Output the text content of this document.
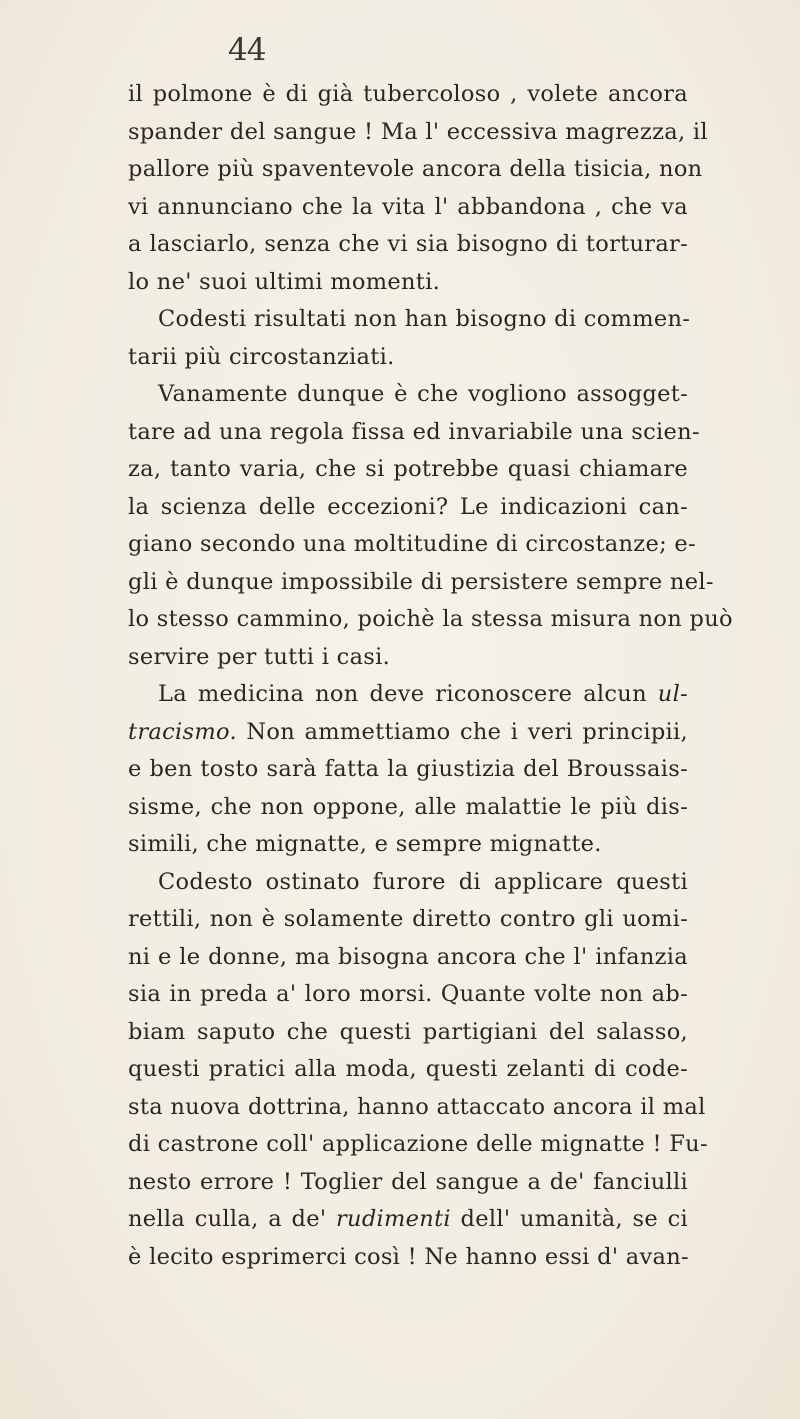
44
il polmone è di già tubercoloso , volete ancora
spander del sangue ! Ma l' eccessiva magrezza, il
pallore più spaventevole ancora della tisicia, non
vi annunciano che la vita l' abbandona , che va
a lasciarlo, senza che vi sia bisogno di torturar-
lo ne' suoi ultimi momenti.
Codesti risultati non han bisogno di commen-
tarii più circostanziati.
Vanamente dunque è che vogliono assogget-
tare ad una regola fissa ed invariabile una scien-
za, tanto varia, che si potrebbe quasi chiamare
la scienza delle eccezioni? Le indicazioni can-
giano secondo una moltitudine di circostanze; e-
gli è dunque impossibile di persistere sempre nel-
lo stesso cammino, poichè la stessa misura non può
servire per tutti i casi.
La medicina non deve riconoscere alcun ul-
tracismo. Non ammettiamo che i veri principii,
e ben tosto sarà fatta la giustizia del Broussais-
sisme, che non oppone, alle malattie le più dis-
simili, che mignatte, e sempre mignatte.
Codesto ostinato furore di applicare questi
rettili, non è solamente diretto contro gli uomi-
ni e le donne, ma bisogna ancora che l' infanzia
sia in preda a' loro morsi. Quante volte non ab-
biam saputo che questi partigiani del salasso,
questi pratici alla moda, questi zelanti di code-
sta nuova dottrina, hanno attaccato ancora il mal
di castrone coll' applicazione delle mignatte ! Fu-
nesto errore ! Toglier del sangue a de' fanciulli
nella culla, a de' rudimenti dell' umanità, se ci
è lecito esprimerci così ! Ne hanno essi d' avan-
